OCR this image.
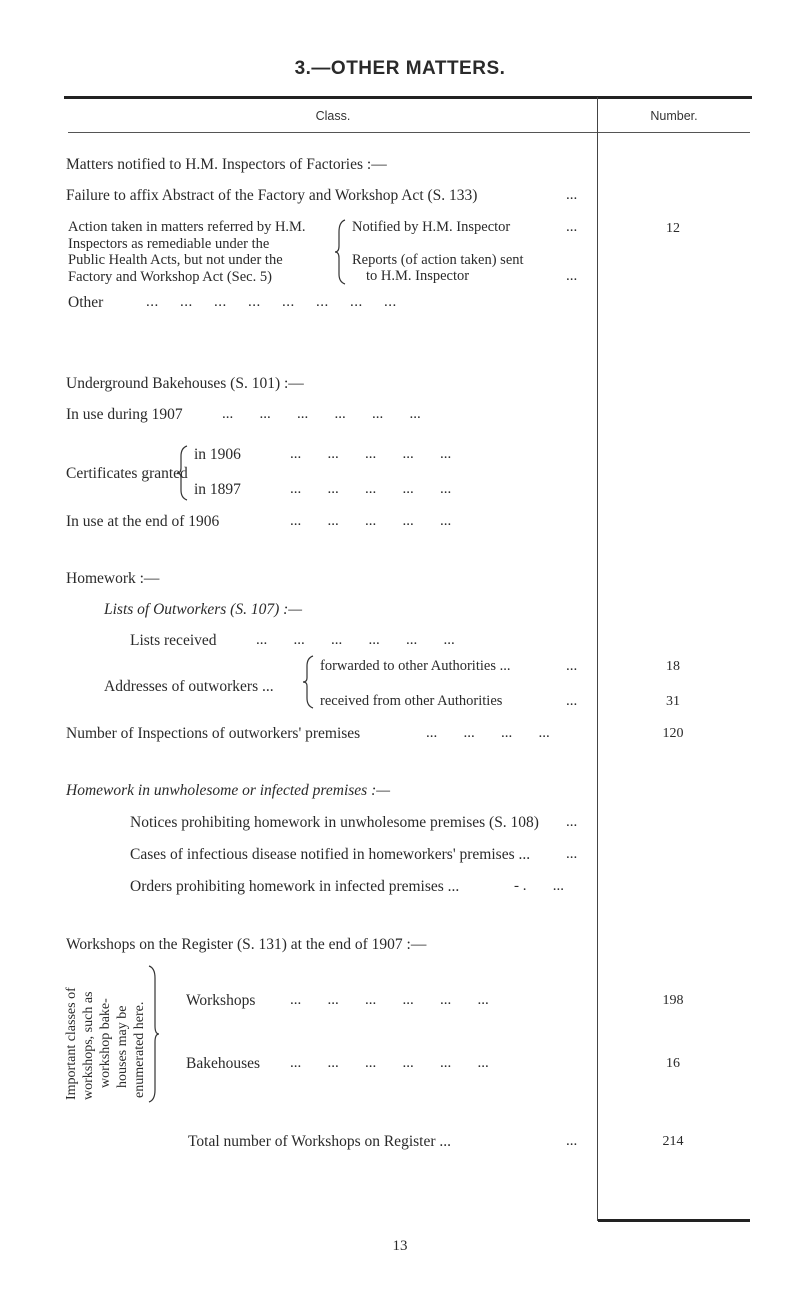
3.—OTHER MATTERS.
Class.	Number.
Matters notified to H.M. Inspectors of Factories :—
Failure to affix Abstract of the Factory and Workshop Act (S. 133)	...
Action taken in matters referred by H.M.
Inspectors as remediable under the
Public Health Acts, but not under the
Factory and Workshop Act (Sec. 5)
Notified by H.M. Inspector	...	12
Reports (of action taken) sent
to H.M. Inspector	...
Other	...     ...     ...     ...     ...     ...     ...     ...
Underground Bakehouses (S. 101) :—
In use during 1907	...       ...       ...       ...       ...       ...
Certificates granted
in 1906	...       ...       ...       ...       ...
in 1897	...       ...       ...       ...       ...
In use at the end of 1906	...       ...       ...       ...       ...
Homework :—
Lists of Outworkers (S. 107) :—
Lists received	...       ...       ...       ...       ...       ...
Addresses of outworkers ...
forwarded to other Authorities ...	...	18
received from other Authorities	...	31
Number of Inspections of outworkers' premises	...       ...       ...       ...	120
Homework in unwholesome or infected premises :—
Notices prohibiting homework in unwholesome premises (S. 108) ...
Cases of infectious disease notified in homeworkers' premises ... ...
Orders prohibiting homework in infected premises ...	- .       ...
Workshops on the Register (S. 131) at the end of 1907 :—
Important classes of workshops, such as workshop bake- houses may be enumerated here.
Workshops ...       ...       ...       ...       ...       ...	198
Bakehouses ...       ...       ...       ...       ...       ...	16
Total number of Workshops on Register ...	...	214
13
